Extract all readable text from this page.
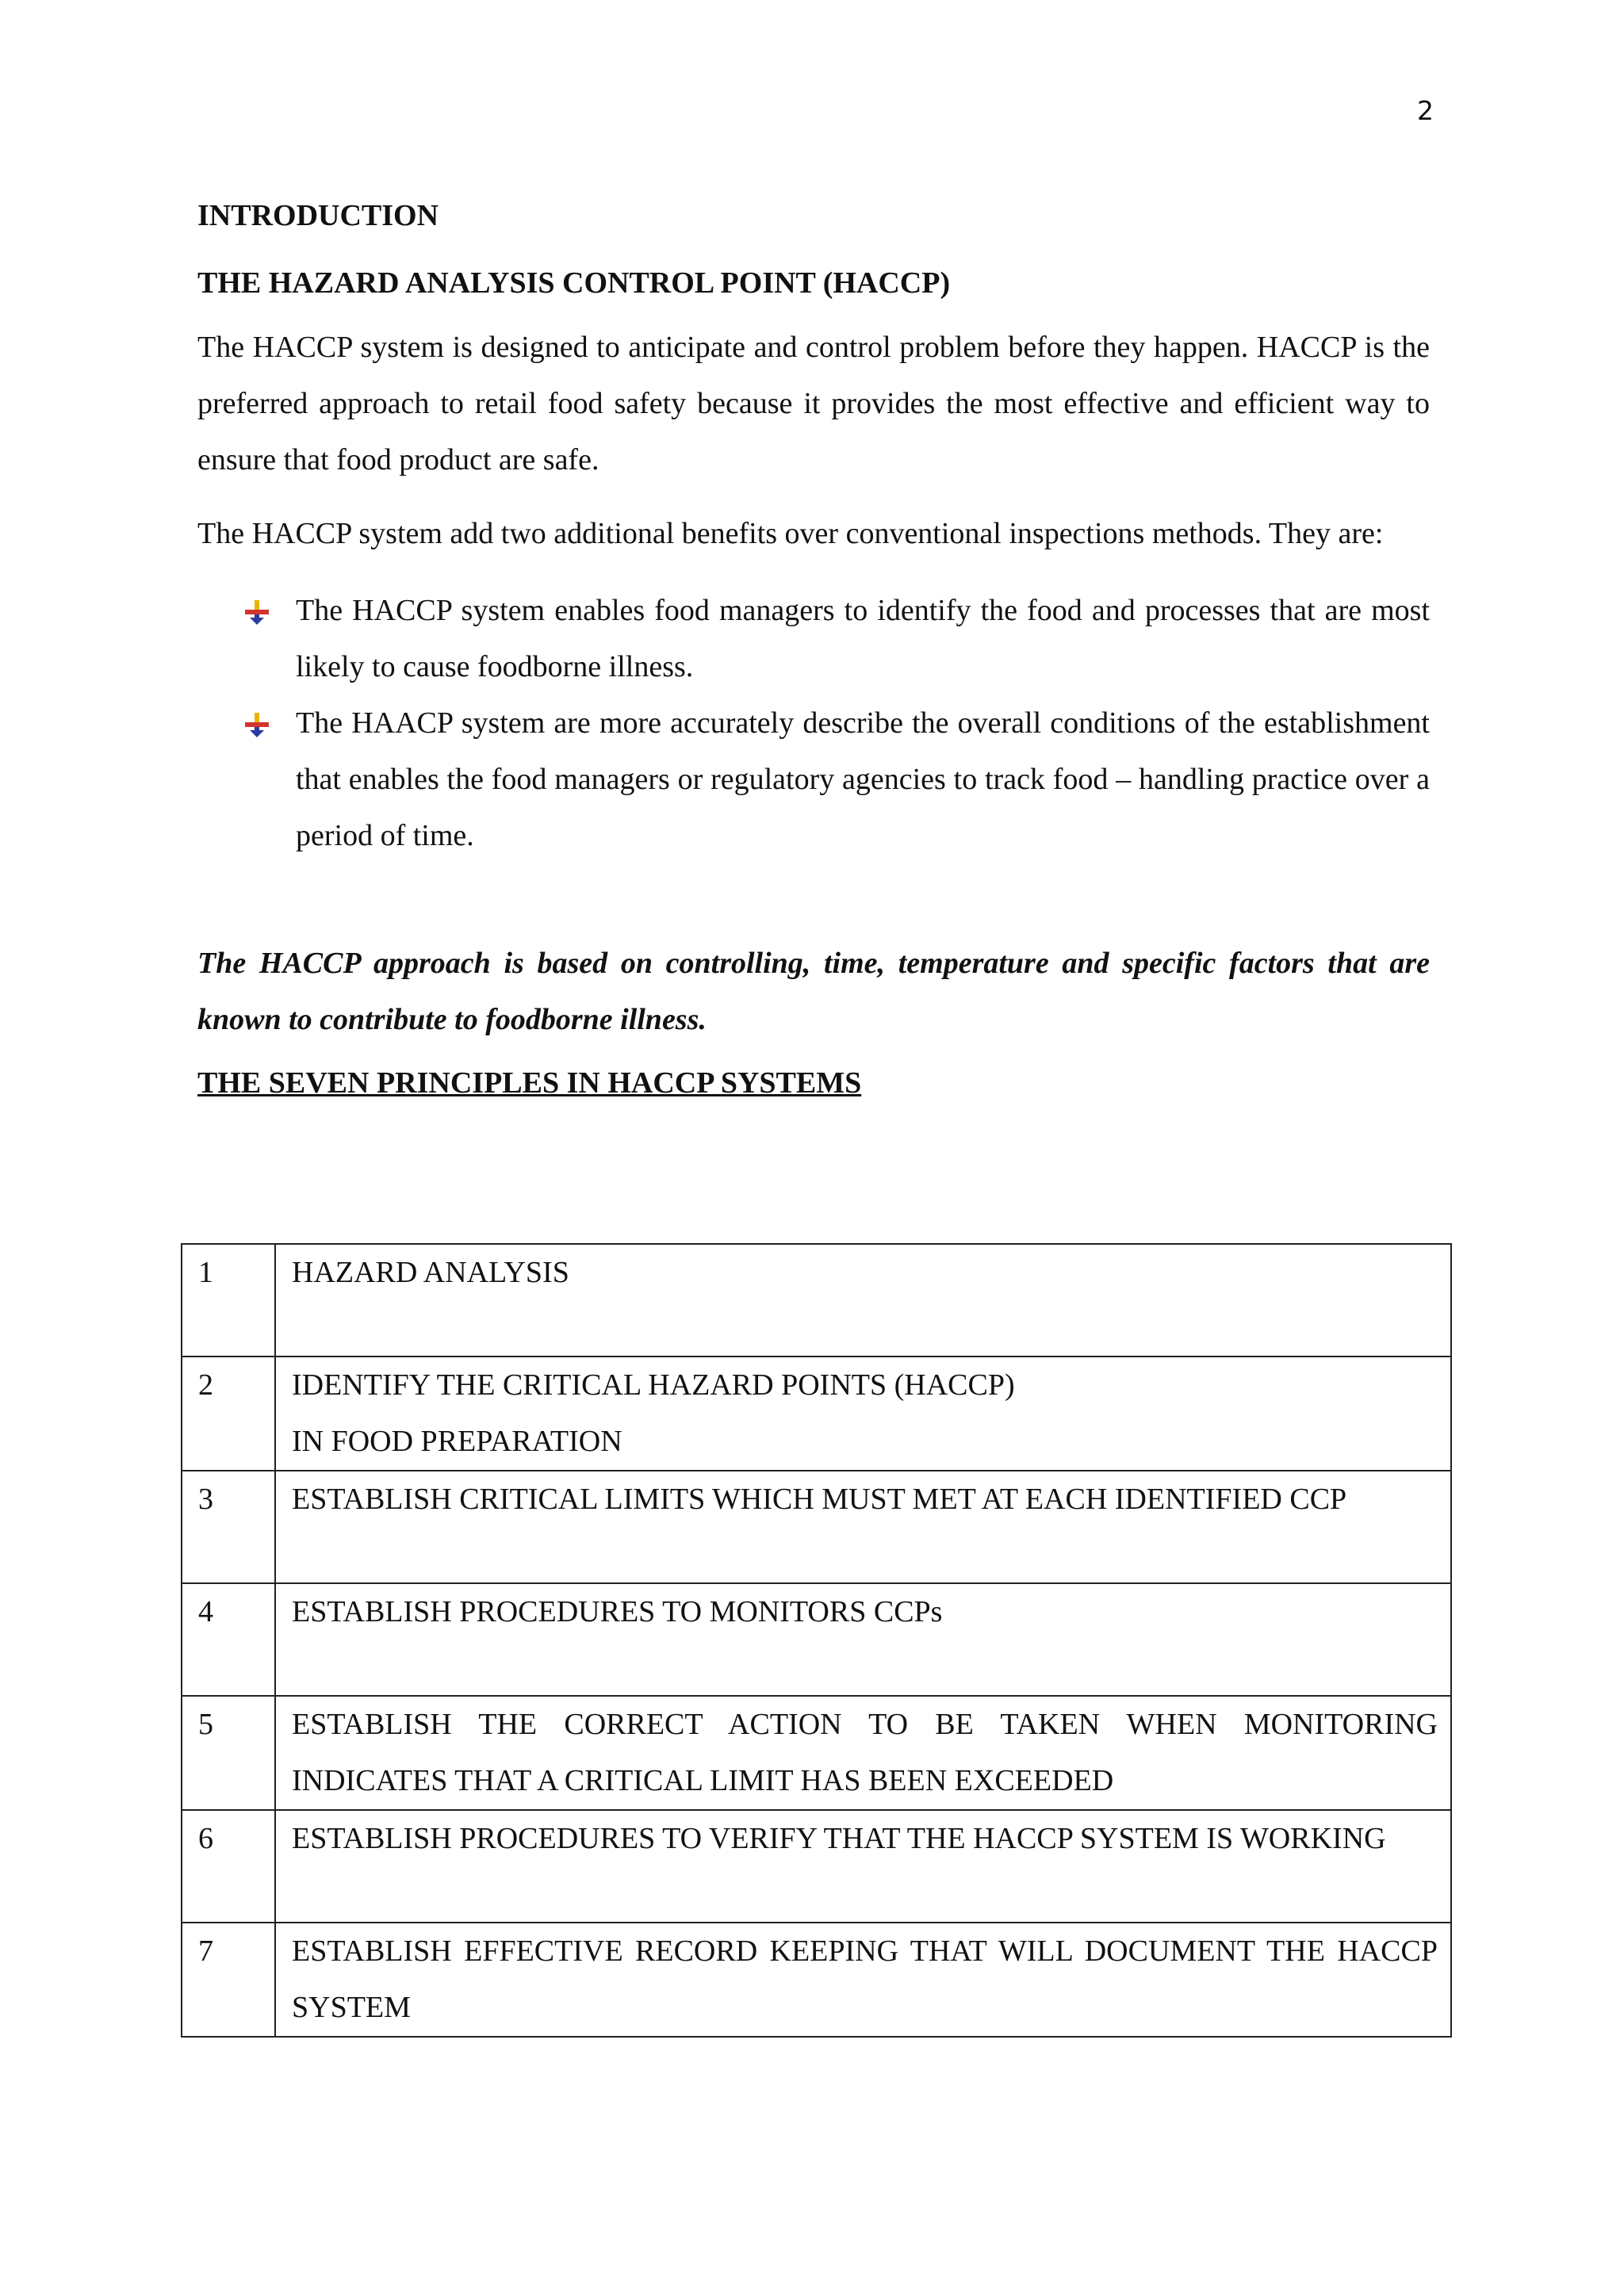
2

INTRODUCTION

THE HAZARD ANALYSIS CONTROL POINT (HACCP)

The HACCP system is designed to anticipate and control problem before they happen. HACCP is the preferred approach to retail food safety because it provides the most effective and efficient way to ensure that food product are safe.

The HACCP system add two additional benefits over conventional inspections methods. They are:

The HACCP system enables food managers to identify the food and processes that are most likely to cause foodborne illness.
The HAACP system are more accurately describe the overall conditions of the establishment that enables the food managers or regulatory agencies to track food – handling practice over a period of time.

The HACCP approach is based on controlling, time, temperature and specific factors that are known to contribute to foodborne illness.

THE SEVEN PRINCIPLES IN HACCP SYSTEMS

1	HAZARD ANALYSIS
2	IDENTIFY THE CRITICAL HAZARD POINTS (HACCP)
IN FOOD PREPARATION
3	ESTABLISH CRITICAL LIMITS WHICH MUST MET AT EACH IDENTIFIED CCP
4	ESTABLISH PROCEDURES TO MONITORS CCPs
5	ESTABLISH THE CORRECT ACTION TO BE TAKEN WHEN MONITORING INDICATES THAT A CRITICAL LIMIT HAS BEEN EXCEEDED
6	ESTABLISH PROCEDURES TO VERIFY THAT THE HACCP SYSTEM IS WORKING
7	ESTABLISH EFFECTIVE RECORD KEEPING THAT WILL DOCUMENT THE HACCP SYSTEM
